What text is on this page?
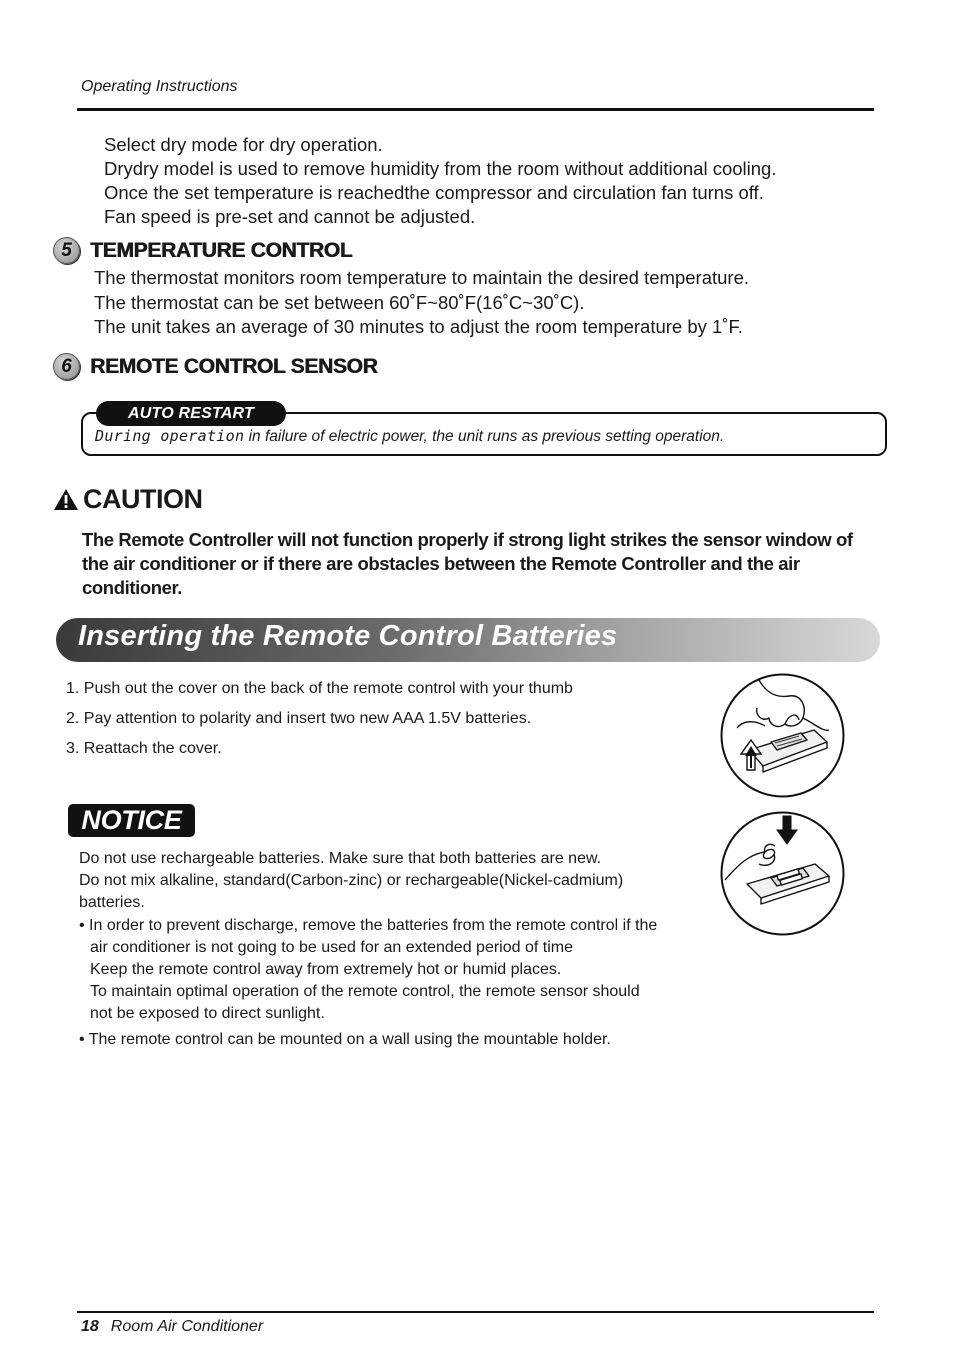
Operating Instructions
Select dry mode for dry operation.
Drydry model is used to remove humidity from the room without additional cooling.
Once the set temperature is reachedthe compressor and circulation fan turns off.
Fan speed is pre-set and cannot be adjusted.
5 TEMPERATURE CONTROL
The thermostat monitors room temperature to maintain the desired temperature.
The thermostat can be set between 60˚F~80˚F(16˚C~30˚C).
The unit takes an average of 30 minutes to adjust the room temperature by 1˚F.
6 REMOTE CONTROL SENSOR
AUTO RESTART
During operation in failure of electric power, the unit runs as previous setting operation.
CAUTION
The Remote Controller will not function properly if strong light strikes the sensor window of the air conditioner or if there are obstacles between the Remote Controller and the air conditioner.
Inserting the Remote Control Batteries
1. Push out the cover on the back of the remote control with your thumb
2. Pay attention to polarity and insert two new AAA 1.5V batteries.
3. Reattach the cover.
NOTICE
Do not use rechargeable batteries. Make sure that both batteries are new.
Do not mix alkaline, standard(Carbon-zinc) or rechargeable(Nickel-cadmium)
batteries.
• In order to prevent discharge, remove the batteries from the remote control if the
air conditioner is not going to be used for an extended period of time
Keep the remote control away from extremely hot or humid places.
To maintain optimal operation of the remote control, the remote sensor should
not be exposed to direct sunlight.
• The remote control can be mounted on a wall using the mountable holder.
18 Room Air Conditioner
